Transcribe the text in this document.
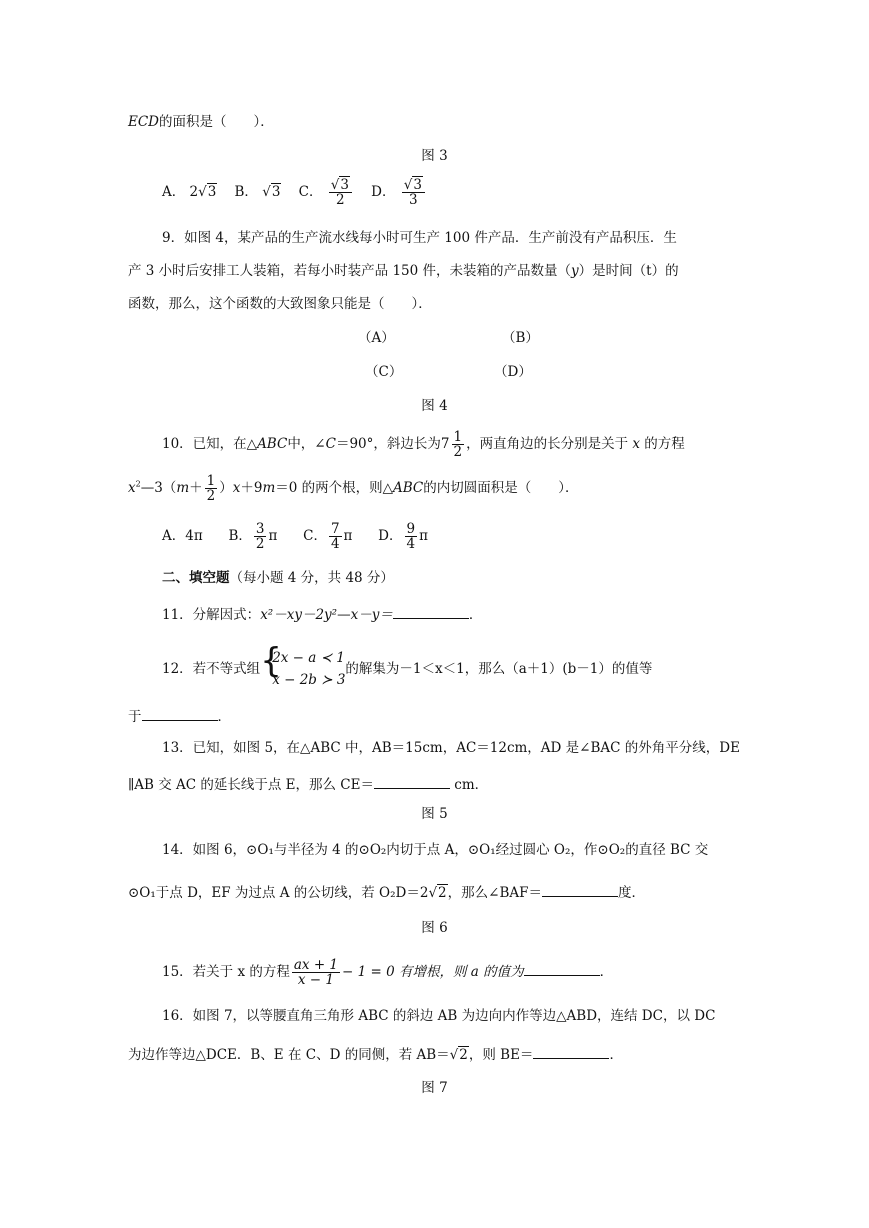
ECD的面积是（　　）．
图 3
A． 2√3 B． √3 C． $\frac{√3}{2}$ D． $\frac{√3}{3}$
9．如图 4，某产品的生产流水线每小时可生产 100 件产品．生产前没有产品积压．生
产 3 小时后安排工人装箱，若每小时装产品 150 件，未装箱的产品数量（y）是时间（t）的
函数，那么，这个函数的大致图象只能是（　　）．
（A）	（B）
（C）	（D）
图 4
10．已知，在△ABC中，∠C＝90°，斜边长为$7 \frac{1}{2}$ ，两直角边的长分别是关于 x 的方程
$x^2—3(m+ \frac{1}{2} )x+9m=0$ 的两个根，则△ABC的内切圆面积是（　　）．
A．4π B． $\frac{3}{2}$ π C． $\frac{7}{4}$ π D． $\frac{9}{4}$ π
二、填空题（每小题 4 分，共 48 分）
11．分解因式：x²－xy－2y²—x－y＝	．
12．若不等式组 {
2x − a ≺ 1
x − 2b ≻ 3
的解集为－1＜x＜1，那么（a＋1）(b－1）的值等
于	．
13．已知，如图 5，在△ABC 中，AB＝15cm，AC＝12cm，AD 是∠BAC 的外角平分线，DE
∥AB 交 AC 的延长线于点 E，那么 CE＝	cm．
图 5
14．如图 6，⊙O₁与半径为 4 的⊙O₂内切于点 A，⊙O₁经过圆心 O₂，作⊙O₂的直径 BC 交
⊙O₁于点 D，EF 为过点 A 的公切线，若 O₂D＝2√2，那么∠BAF＝	度．
图 6
15．若关于 x 的方程 $\frac{ax + 1}{x - 1} - 1 = 0$ 有增根，则 a 的值为	．
16．如图 7，以等腰直角三角形 ABC 的斜边 AB 为边向内作等边△ABD，连结 DC，以 DC
为边作等边△DCE．B、E 在 C、D 的同侧，若 AB＝√2，则 BE＝	．
图 7
